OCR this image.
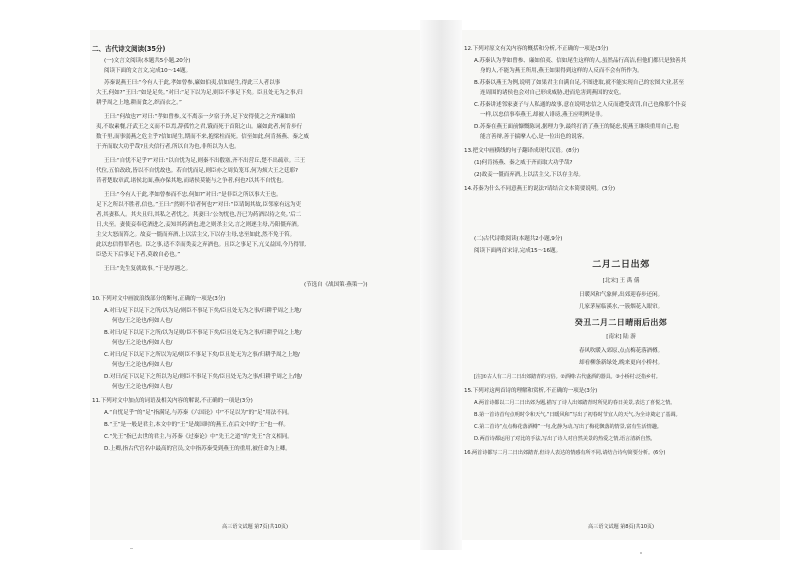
二、古代诗文阅读(35分)
(一)文言文阅读(本题共5小题,20分)
阅读下面的文言文,完成10～14题。
苏秦说燕王曰:“今有人于此,孝如曾参,廉如伯夷,信如尾生,得此三人者以事
大王,何如?”王曰:“如是足矣。”对曰:“足下以为足,则臣不事足下矣。臣且处无为之事,归
耕乎周之上地,耕而食之,织而衣之。”
王曰:“何故也?”对曰:“孝如曾参,义不离亲一夕宿于外,足下安得使之之齐?廉如伯
夷,不取素餐,汙武王之义而不臣焉,辞孤竹之君,饿而死于首阳之山。廉如此者,何肯步行
数千里,而事弱燕之危主乎?信如尾生,期而不来,抱梁柱而死。信至如此,何肯扬燕、秦之威
于齐而取大功乎哉?且夫信行者,所以自为也,非所以为人也。
王曰:“自忧不足乎?”对曰:“以自忧为足,则秦不出殽塞,齐不出营丘,楚不出疏章。三王
代位,五伯改政,皆以不自忧故也。若自忧而足,则臣亦之周负笼耳,何为烦大王之廷耶?
昔者楚取章武,诸侯北面,燕亦保其地,而诸侯莫能与之争者,何也?以其不自忧也。
王曰:“今有人于此,孝如曾参而不忠,何如?”对曰:“是非臣之所以事大王也。
足下之所以不胜者,信也。”王曰:“然则不信者何也?”对曰:“臣请谒其故,臣邻家有远为吏
者,其妻私人。其夫且归,其私之者忧之。其妻曰:‘公勿忧也,吾已为药酒以待之矣。’后二
日,夫至。妻使妾奉卮酒进之,妾知其药酒也,进之则杀主父,言之则逐主母,乃阳僵弃酒。
主父大怒而笞之。故妾一僵而弃酒,上以活主父,下以存主母,忠至如此,然不免于笞。
此以忠信得罪者也。臣之事,适不幸而类妾之弃酒也。且臣之事足下,亢义益国,今乃得罪,
臣恐天下后事足下者,莫敢自必也。”
王曰:“先生复就故事。”于是厚遇之。
(节选自《战国策·燕策一》)
10.下列对文中画波浪线部分的断句,正确的一项是(3分)
A.对曰/足下以足下之所/以为足/则臣不事足下矣/臣且处无为之事/归耕乎周之上地/
何也/王之论也/何如人也/
B.对曰/足下以足下之所/以为足则/臣不事足下矣/臣且处无为之事/归耕乎周之上地/
何也/王之论也/何如人也/
C.对曰/足下以足下之所以为足/则臣不事足下矣/臣且处无为之事/归耕乎周之上地/
何也/王之论也/何如人也/
D.对曰/足下以足下之所以为足/则臣不事足下矣/臣且处无为之事/归耕乎周之上/地/
何也/王之论也/何如人也/
11.下列对文中加点的词语及相关内容的解说,不正确的一项是(3分)
A.“自忧足乎”的“足”指满足,与苏秦《六国论》中“不足以为”的“足”用法不同。
B.“王”是一般是君主,本文中的“王”是战国时的燕王,在后文中的“王”也一样。
C.“先王”指已去世的君主,与苏秦《过秦论》中“先王之道”的“先王”含义相同。
D.上卿,指古代官名中最高的官员,文中指苏秦受到燕王的重用,被任命为上卿。
高三语文试题 第7页(共10页)
12.下列对原文有关内容的概括和分析,不正确的一项是(3分)
A.苏秦认为孝如曾参、廉如伯夷、信如尾生这样的人,虽然品行高洁,但他们都只是独善其
身的人,不能为燕王所用,燕王如果得到这样的人反而不会有所作为。
B.苏秦以燕王为例,说明了如果君主自满自足,不图进取,就不能实现自己的宏图大业,甚至
连周围的诸侯也会对自己形成威胁,进而危害到燕国的安危。
C.苏秦讲述邻家妻子与人私通的故事,意在说明忠信之人反而遭受责罚,自己也像那个仆妾
一样,以忠信事奉燕王,却被人诽谤,燕王应明辨是非。
D.苏秦在燕王面前慷慨陈词,据理力争,最终打消了燕王的疑虑,使燕王继续重用自己,他
能言善辩,善于揣摩人心,是一位出色的说客。
13.把文中画横线的句子翻译成现代汉语。(8分)
(1)何肯扬燕、秦之威于齐而取大功乎哉?
(2)故妾一僵而弃酒,上以活主父,下以存主母。
14.苏秦为什么不同意燕王的说法?请结合文本简要说明。(3分)
(二)古代诗歌阅读(本题共2小题,9分)
阅读下面两首宋诗,完成15～16题。
二月二日出郊
[北宋] 王 禹 偁
日暖风和气象鲜,出郊迎春步还闲。
几家茅屋临溪水,一簇烟花入眼帘。
癸丑二月二日晴雨后出郊
[南宋] 陆 游
春风吹暖入郊原,点点梅花落酒樽。
却看柳条新绿处,晚来更向小桥村。
[注]①古人有二月二日出郊踏青的习俗。②酒樽:古代盛酒的器具。③小桥村:泛指乡村。
15.下列对这两首诗的理解和赏析,不正确的一项是(3分)
A.两首诗都以二月二日出郊为题,描写了诗人出郊踏青时所见的春日美景,表达了喜悦之情。
B.第一首诗首句点明时令和天气,“日暖风和”写出了初春时节宜人的天气,为全诗奠定了基调。
C.第二首诗“点点梅花落酒樽”一句,化静为动,写出了梅花飘落的情景,富有生活情趣。
D.两首诗都运用了对比的手法,写出了诗人对自然美景的热爱之情,语言清新自然。
16.两首诗都写二月二日出郊踏青,但诗人表达的情感有所不同,请结合诗句简要分析。(6分)
高三语文试题 第8页(共10页)
